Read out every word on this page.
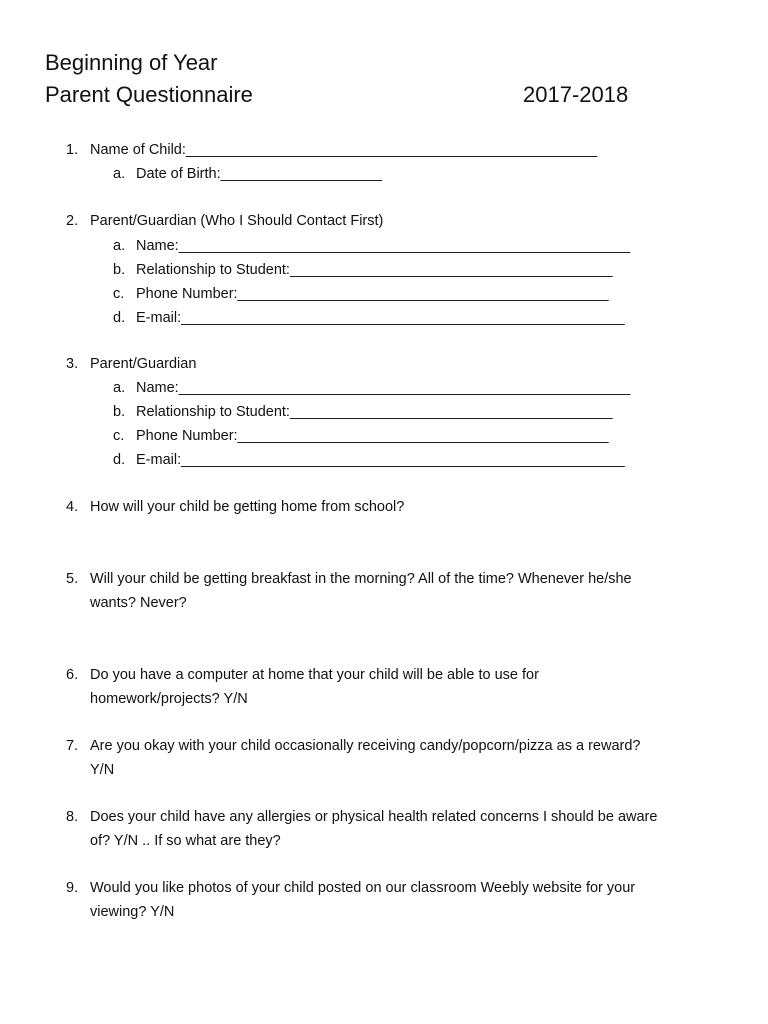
Beginning of Year
Parent Questionnaire	2017-2018
1. Name of Child:___________________________________________________
a. Date of Birth:____________________
2. Parent/Guardian (Who I Should Contact First)
a. Name:________________________________________________________
b. Relationship to Student:________________________________________
c. Phone Number:______________________________________________
d. E-mail:_______________________________________________________
3. Parent/Guardian
a. Name:________________________________________________________
b. Relationship to Student:________________________________________
c. Phone Number:______________________________________________
d. E-mail:_______________________________________________________
4. How will your child be getting home from school?
5. Will your child be getting breakfast in the morning? All of the time? Whenever he/she
wants? Never?
6. Do you have a computer at home that your child will be able to use for
homework/projects? Y/N
7. Are you okay with your child occasionally receiving candy/popcorn/pizza as a reward?
Y/N
8. Does your child have any allergies or physical health related concerns I should be aware
of? Y/N .. If so what are they?
9. Would you like photos of your child posted on our classroom Weebly website for your
viewing? Y/N
